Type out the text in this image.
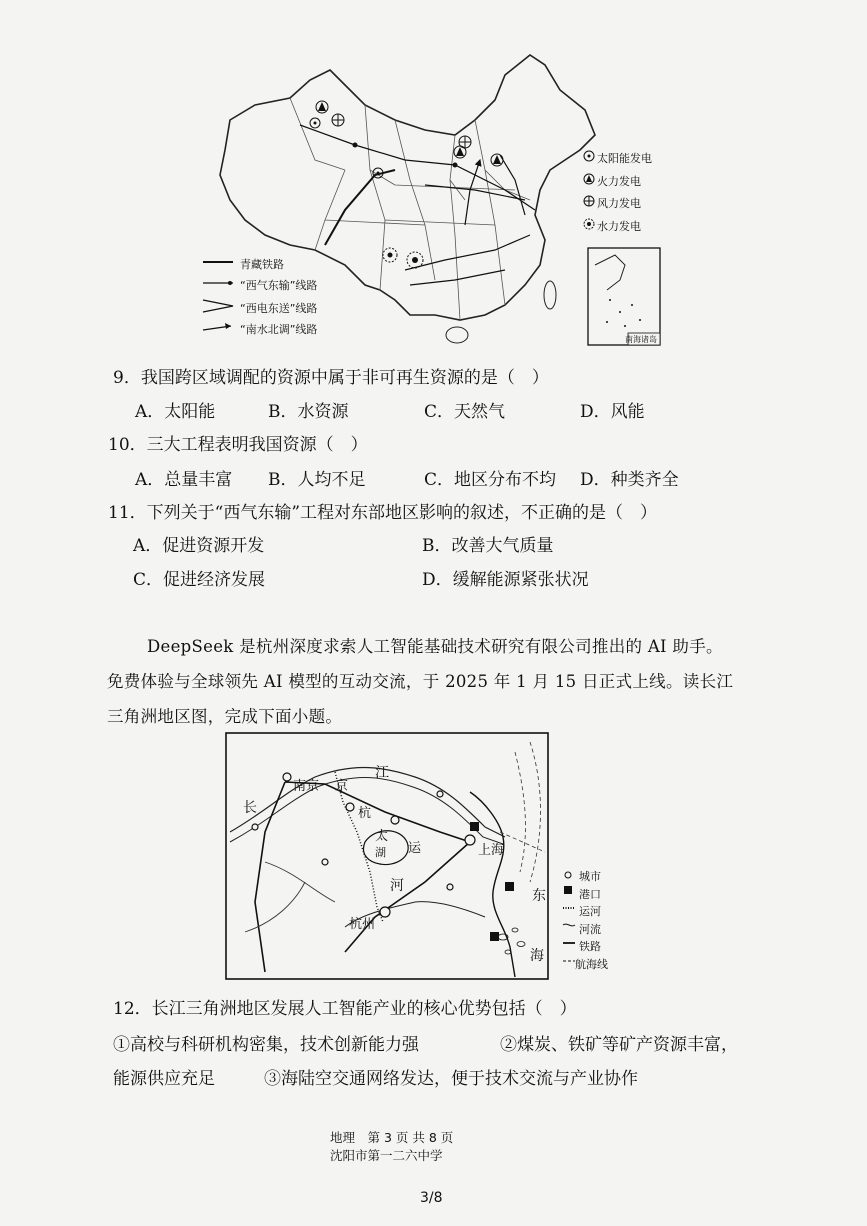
太阳能发电
火力发电
风力发电
水力发电
青藏铁路
“西气东输”线路
“西电东送”线路
“南水北调”线路
南海诸岛
9．我国跨区域调配的资源中属于非可再生资源的是（　）
A．太阳能	B．水资源	C．天然气	D．风能
10．三大工程表明我国资源（　）
A．总量丰富 B．人均不足	C．地区分布不均 D．种类齐全
11．下列关于“西气东输”工程对东部地区影响的叙述，不正确的是（　）
A．促进资源开发	B．改善大气质量
C．促进经济发展	D．缓解能源紧张状况
DeepSeek 是杭州深度求索人工智能基础技术研究有限公司推出的 AI 助手。
免费体验与全球领先 AI 模型的互动交流，于 2025 年 1 月 15 日正式上线。读长江
三角洲地区图，完成下面小题。
南京
长
江
京
杭
太
湖 运
河
上海
杭州
东
海
城市
港口
运河
河流
铁路
航海线
12．长江三角洲地区发展人工智能产业的核心优势包括（　）
①高校与科研机构密集，技术创新能力强	②煤炭、铁矿等矿产资源丰富，
能源供应充足	③海陆空交通网络发达，便于技术交流与产业协作
地理　第 3 页 共 8 页
沈阳市第一二六中学
3/8
